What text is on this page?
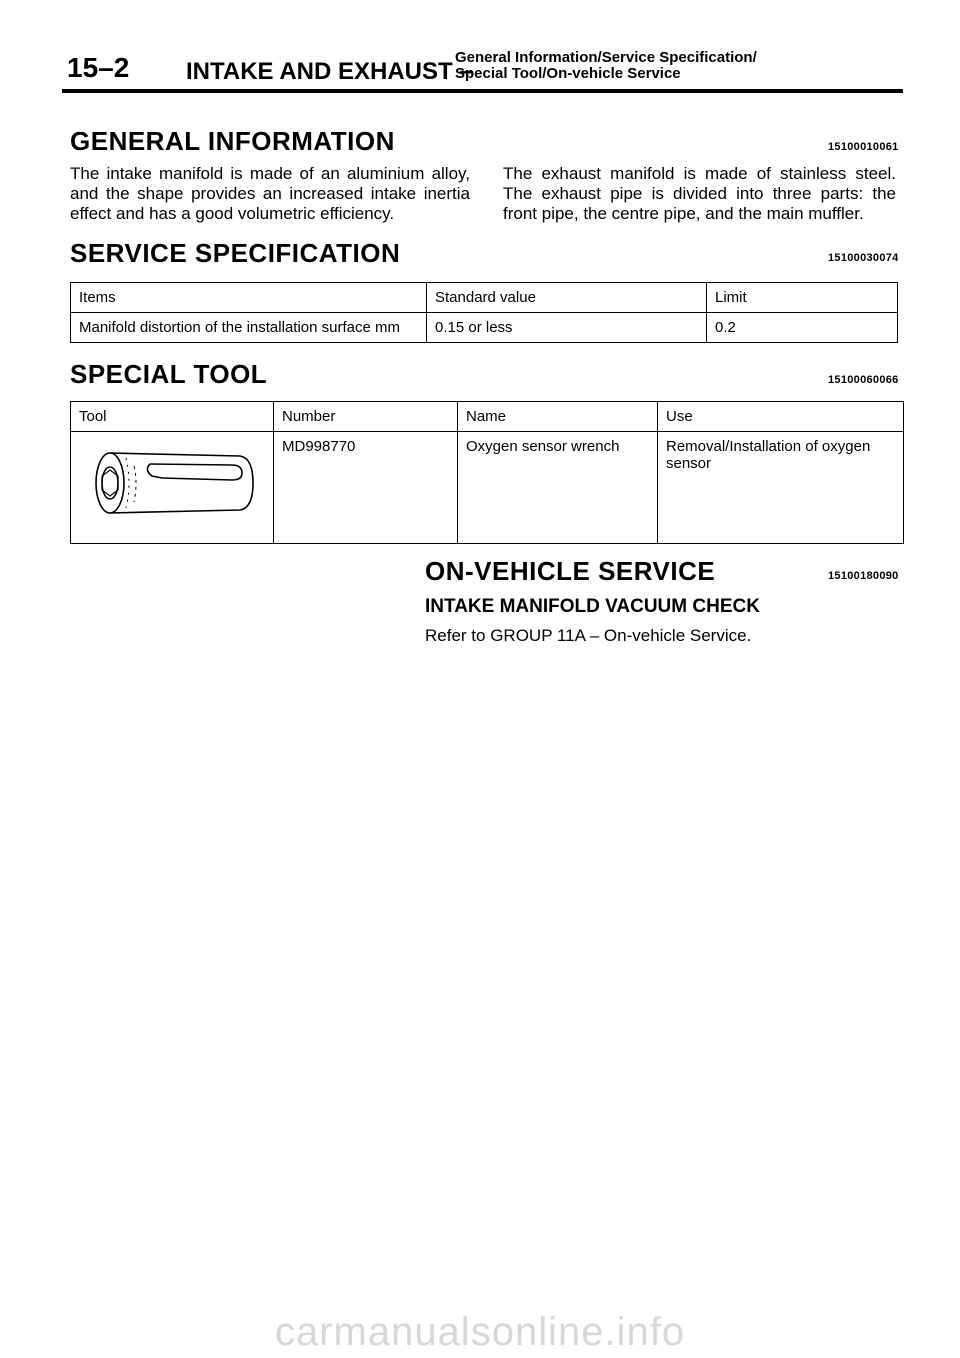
15–2 INTAKE AND EXHAUST –
General Information/Service Specification/
Special Tool/On-vehicle Service
GENERAL INFORMATION	15100010061
The intake manifold is made of an aluminium alloy, and the shape provides an increased intake inertia effect and has a good volumetric efficiency.
The exhaust manifold is made of stainless steel. The exhaust pipe is divided into three parts: the front pipe, the centre pipe, and the main muffler.
SERVICE SPECIFICATION	15100030074
Items	Standard value	Limit
Manifold distortion of the installation surface mm	0.15 or less	0.2
SPECIAL TOOL	15100060066
Tool	Number	Name	Use
	MD998770	Oxygen sensor wrench	Removal/Installation of oxygen sensor
ON-VEHICLE SERVICE	15100180090
INTAKE MANIFOLD VACUUM CHECK
Refer to GROUP 11A – On-vehicle Service.
carmanualsonline.info
